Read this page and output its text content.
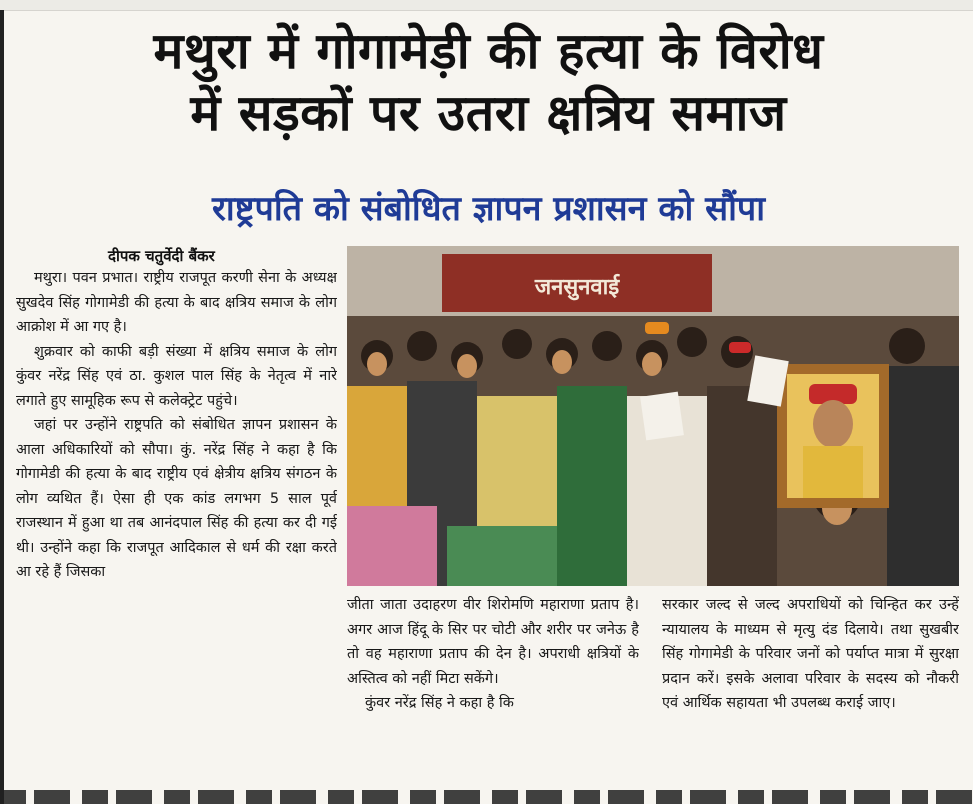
मथुरा में गोगामेड़ी की हत्या के विरोध
में सड़कों पर उतरा क्षत्रिय समाज
राष्ट्रपति को संबोधित ज्ञापन प्रशासन को सौंपा
दीपक चतुर्वेदी बैंकर

मथुरा। पवन प्रभात। राष्ट्रीय राजपूत करणी सेना के अध्यक्ष सुखदेव सिंह गोगामेडी की हत्या के बाद क्षत्रिय समाज के लोग आक्रोश में आ गए है।

शुक्रवार को काफी बड़ी संख्या में क्षत्रिय समाज के लोग कुंवर नरेंद्र सिंह एवं ठा. कुशल पाल सिंह के नेतृत्व में नारे लगाते हुए सामूहिक रूप से कलेक्ट्रेट पहुंचे।

जहां पर उन्होंने राष्ट्रपति को संबोधित ज्ञापन प्रशासन के आला अधिकारियों को सौपा। कुं. नरेंद्र सिंह ने कहा है कि गोगामेडी की हत्या के बाद राष्ट्रीय एवं क्षेत्रीय क्षत्रिय संगठन के लोग व्यथित हैं। ऐसा ही एक कांड लगभग 5 साल पूर्व राजस्थान में हुआ था तब आनंदपाल सिंह की हत्या कर दी गई थी। उन्होंने कहा कि राजपूत आदिकाल से धर्म की रक्षा करते आ रहे हैं जिसका

जनसुनवाई

जीता जाता उदाहरण वीर शिरोमणि महाराणा प्रताप है। अगर आज हिंदू के सिर पर चोटी और शरीर पर जनेऊ है तो वह महाराणा प्रताप की देन है। अपराधी क्षत्रियों के अस्तित्व को नहीं मिटा सकेंगे।

कुंवर नरेंद्र सिंह ने कहा है कि

सरकार जल्द से जल्द अपराधियों को चिन्हित कर उन्हें न्यायालय के माध्यम से मृत्यु दंड दिलाये। तथा सुखबीर सिंह गोगामेडी के परिवार जनों को पर्याप्त मात्रा में सुरक्षा प्रदान करें। इसके अलावा परिवार के सदस्य को नौकरी एवं आर्थिक सहायता भी उपलब्ध कराई जाए।
